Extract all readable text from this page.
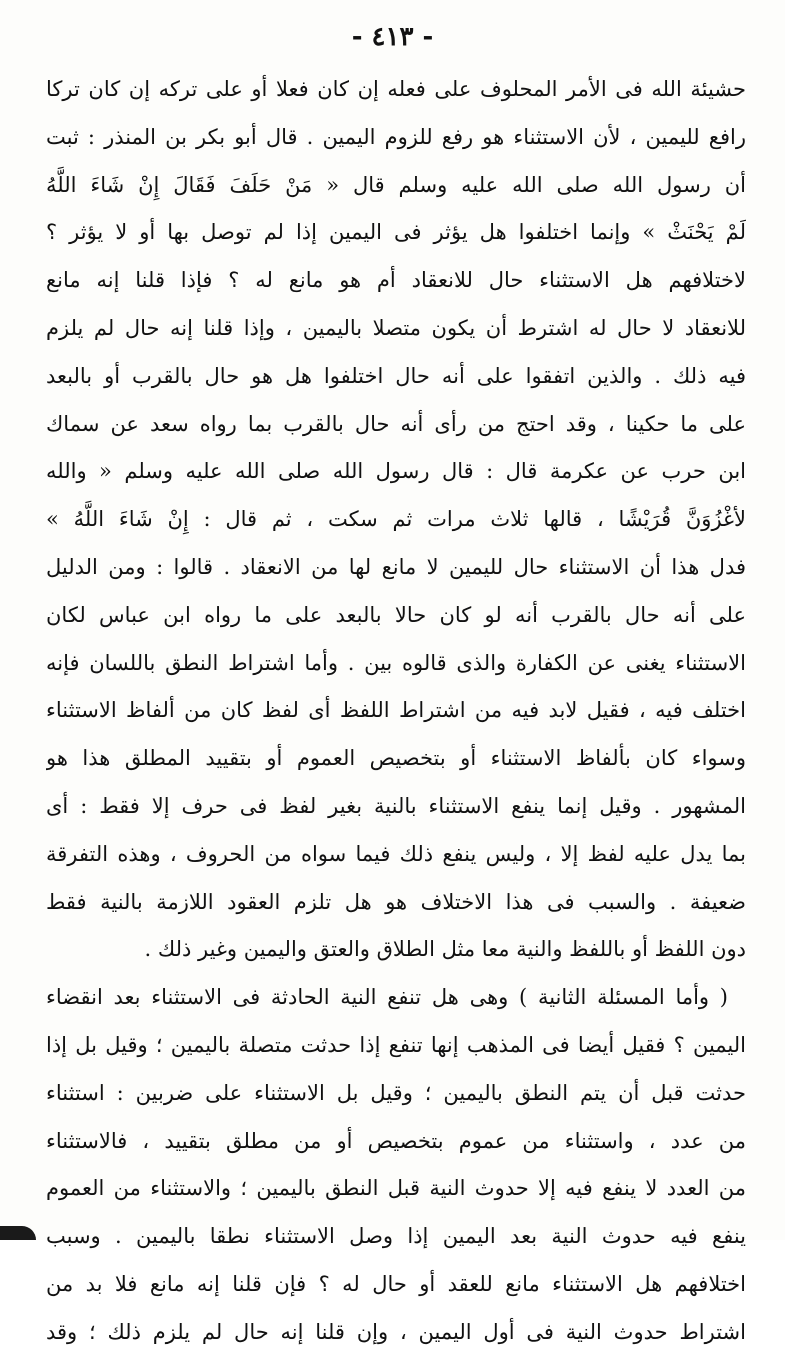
- ٤١٣ -
حشيئة الله فى الأمر المحلوف على فعله إن كان فعلا أو على تركه إن كان تركا
رافع لليمين ، لأن الاستثناء هو رفع للزوم اليمين . قال أبو بكر بن المنذر : ثبت
أن رسول الله صلى الله عليه وسلم قال « مَنْ حَلَفَ فَقَالَ إِنْ شَاءَ اللَّهُ
لَمْ يَحْنَثْ » وإنما اختلفوا هل يؤثر فى اليمين إذا لم توصل بها أو لا يؤثر ؟
لاختلافهم هل الاستثناء حال للانعقاد أم هو مانع له ؟ فإذا قلنا إنه مانع
للانعقاد لا حال له اشترط أن يكون متصلا باليمين ، وإذا قلنا إنه حال لم يلزم
فيه ذلك . والذين اتفقوا على أنه حال اختلفوا هل هو حال بالقرب أو بالبعد
على ما حكينا ، وقد احتج من رأى أنه حال بالقرب بما رواه سعد عن سماك
ابن حرب عن عكرمة قال : قال رسول الله صلى الله عليه وسلم « والله
لأغْزُوَنَّ قُرَيْشًا ، قالها ثلاث مرات ثم سكت ، ثم قال : إِنْ شَاءَ اللَّهُ »
فدل هذا أن الاستثناء حال لليمين لا مانع لها من الانعقاد . قالوا : ومن الدليل
على أنه حال بالقرب أنه لو كان حالا بالبعد على ما رواه ابن عباس لكان
الاستثناء يغنى عن الكفارة والذى قالوه بين . وأما اشتراط النطق باللسان فإنه
اختلف فيه ، فقيل لابد فيه من اشتراط اللفظ أى لفظ كان من ألفاظ الاستثناء
وسواء كان بألفاظ الاستثناء أو بتخصيص العموم أو بتقييد المطلق هذا هو
المشهور . وقيل إنما ينفع الاستثناء بالنية بغير لفظ فى حرف إلا فقط : أى
بما يدل عليه لفظ إلا ، وليس ينفع ذلك فيما سواه من الحروف ، وهذه التفرقة
ضعيفة . والسبب فى هذا الاختلاف هو هل تلزم العقود اللازمة بالنية فقط
دون اللفظ أو باللفظ والنية معا مثل الطلاق والعتق واليمين وغير ذلك .
( وأما المسئلة الثانية ) وهى هل تنفع النية الحادثة فى الاستثناء بعد انقضاء
اليمين ؟ فقيل أيضا فى المذهب إنها تنفع إذا حدثت متصلة باليمين ؛ وقيل بل إذا
حدثت قبل أن يتم النطق باليمين ؛ وقيل بل الاستثناء على ضربين : استثناء
من عدد ، واستثناء من عموم بتخصيص أو من مطلق بتقييد ، فالاستثناء
من العدد لا ينفع فيه إلا حدوث النية قبل النطق باليمين ؛ والاستثناء من العموم
ينفع فيه حدوث النية بعد اليمين إذا وصل الاستثناء نطقا باليمين . وسبب
اختلافهم هل الاستثناء مانع للعقد أو حال له ؟ فإن قلنا إنه مانع فلا بد من
اشتراط حدوث النية فى أول اليمين ، وإن قلنا إنه حال لم يلزم ذلك ؛ وقد
